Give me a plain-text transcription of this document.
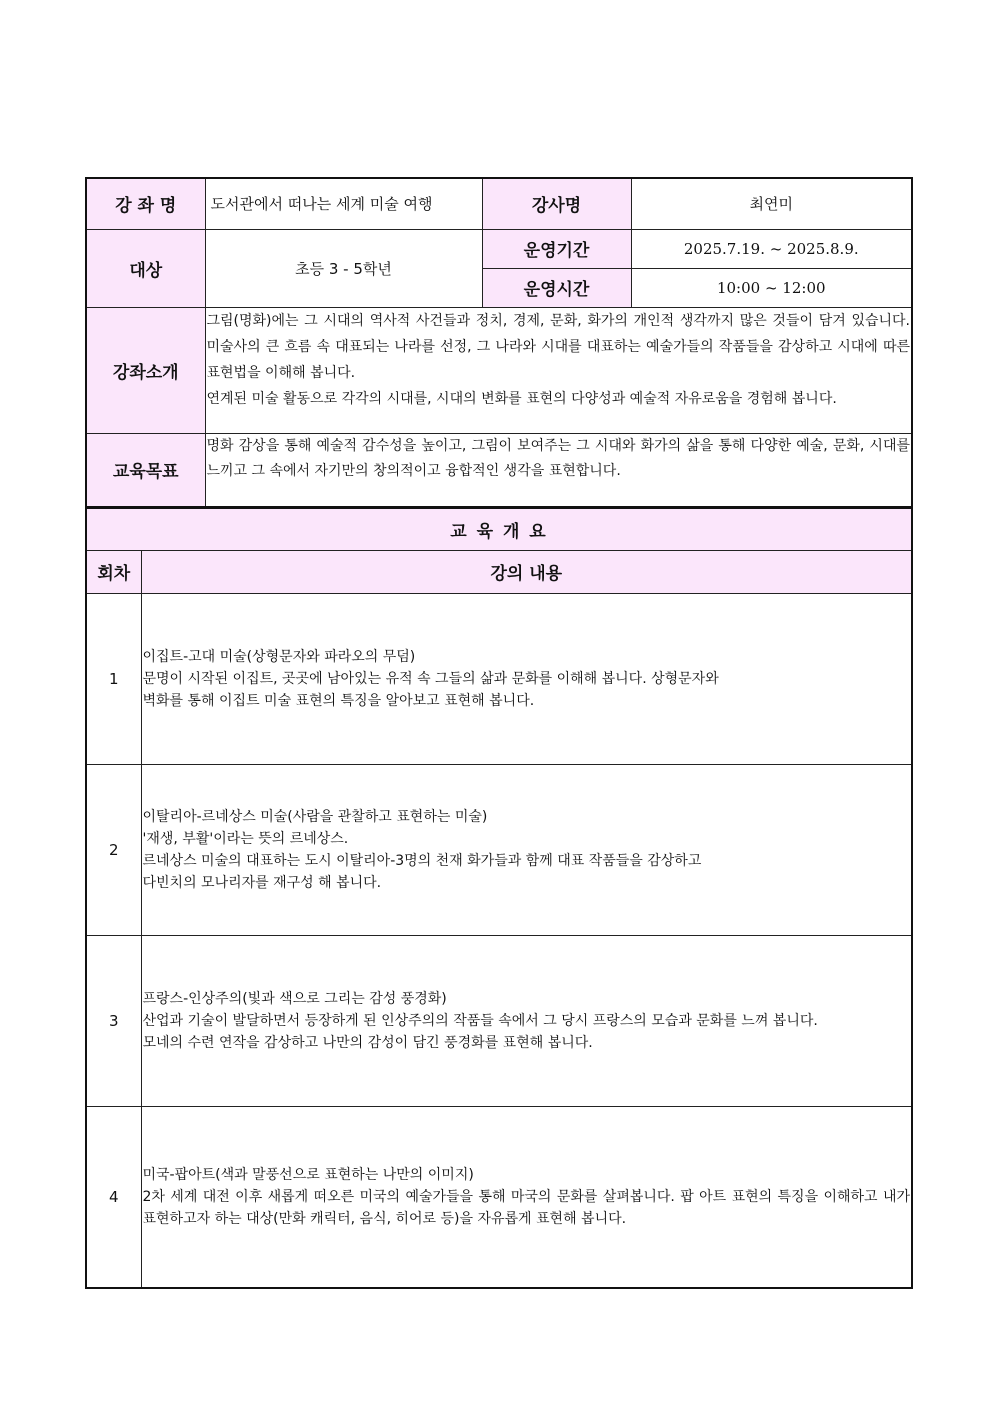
강 좌 명	도서관에서 떠나는 세계 미술 여행	강사명	최연미
대상	초등 3 - 5학년	운영기간	2025.7.19. ~ 2025.8.9.
		운영시간	10:00 ~ 12:00
강좌소개	그림(명화)에는 그 시대의 역사적 사건들과 정치, 경제, 문화, 화가의 개인적 생각까지 많은 것들이 담겨 있습니다. 미술사의 큰 흐름 속 대표되는 나라를 선정, 그 나라와 시대를 대표하는 예술가들의 작품들을 감상하고 시대에 따른 표현법을 이해해 봅니다.

연계된 미술 활동으로 각각의 시대를, 시대의 변화를 표현의 다양성과 예술적 자유로움을 경험해 봅니다.		

교육목표	명화 감상을 통해 예술적 감수성을 높이고, 그림이 보여주는 그 시대와 화가의 삶을 통해 다양한 예술, 문화, 시대를 느끼고 그 속에서 자기만의 창의적이고 융합적인 생각을 표현합니다.		
교 육 개 요	
회차	강의 내용
1	이집트-고대 미술(상형문자와 파라오의 무덤)

문명이 시작된 이집트, 곳곳에 남아있는 유적 속 그들의 삶과 문화를 이해해 봅니다. 상형문자와

벽화를 통해 이집트 미술 표현의 특징을 알아보고 표현해 봅니다.

2	이탈리아-르네상스 미술(사람을 관찰하고 표현하는 미술)

'재생, 부활'이라는 뜻의 르네상스.

르네상스 미술의 대표하는 도시 이탈리아-3명의 천재 화가들과 함께 대표 작품들을 감상하고

다빈치의 모나리자를 재구성 해 봅니다.

3	프랑스-인상주의(빛과 색으로 그리는 감성 풍경화)

산업과 기술이 발달하면서 등장하게 된 인상주의의 작품들 속에서 그 당시 프랑스의 모습과 문화를 느껴 봅니다.

모네의 수련 연작을 감상하고 나만의 감성이 담긴 풍경화를 표현해 봅니다.

4	미국-팝아트(색과 말풍선으로 표현하는 나만의 이미지)

2차 세계 대전 이후 새롭게 떠오른 미국의 예술가들을 통해 마국의 문화를 살펴봅니다. 팝 아트 표현의 특징을 이해하고 내가 표현하고자 하는 대상(만화 캐릭터, 음식, 히어로 등)을 자유롭게 표현해 봅니다.
